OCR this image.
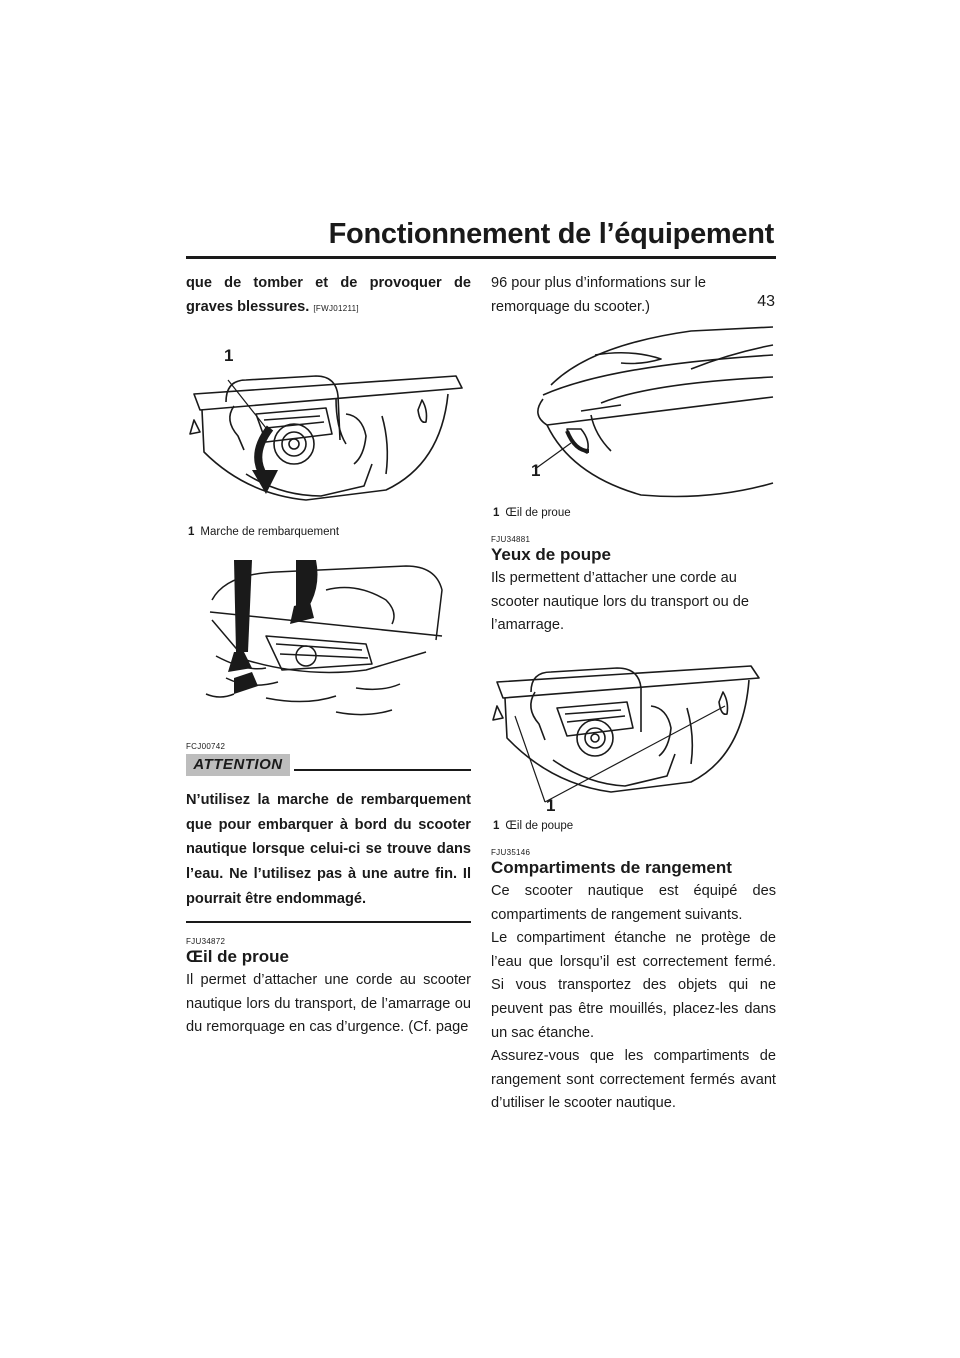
Fonctionnement de l’équipement
43

que de tomber et de provoquer de graves blessures. [FWJ01211]

1

1 Marche de rembarquement

FCJ00742

ATTENTION

N’utilisez la marche de rembarquement que pour embarquer à bord du scooter nautique lorsque celui-ci se trouve dans l’eau. Ne l’utilisez pas à une autre fin. Il pourrait être endommagé.

FJU34872

Œil de proue

Il permet d’attacher une corde au scooter nautique lors du transport, de l’amarrage ou du remorquage en cas d’urgence. (Cf. page

96 pour plus d’informations sur le remorquage du scooter.)

1

1 Œil de proue

FJU34881

Yeux de poupe

Ils permettent d’attacher une corde au scooter nautique lors du transport ou de l’amarrage.

1

1 Œil de poupe

FJU35146

Compartiments de rangement

Ce scooter nautique est équipé des compartiments de rangement suivants.

Le compartiment étanche ne protège de l’eau que lorsqu’il est correctement fermé. Si vous transportez des objets qui ne peuvent pas être mouillés, placez-les dans un sac étanche.

Assurez-vous que les compartiments de rangement sont correctement fermés avant d’utiliser le scooter nautique.
